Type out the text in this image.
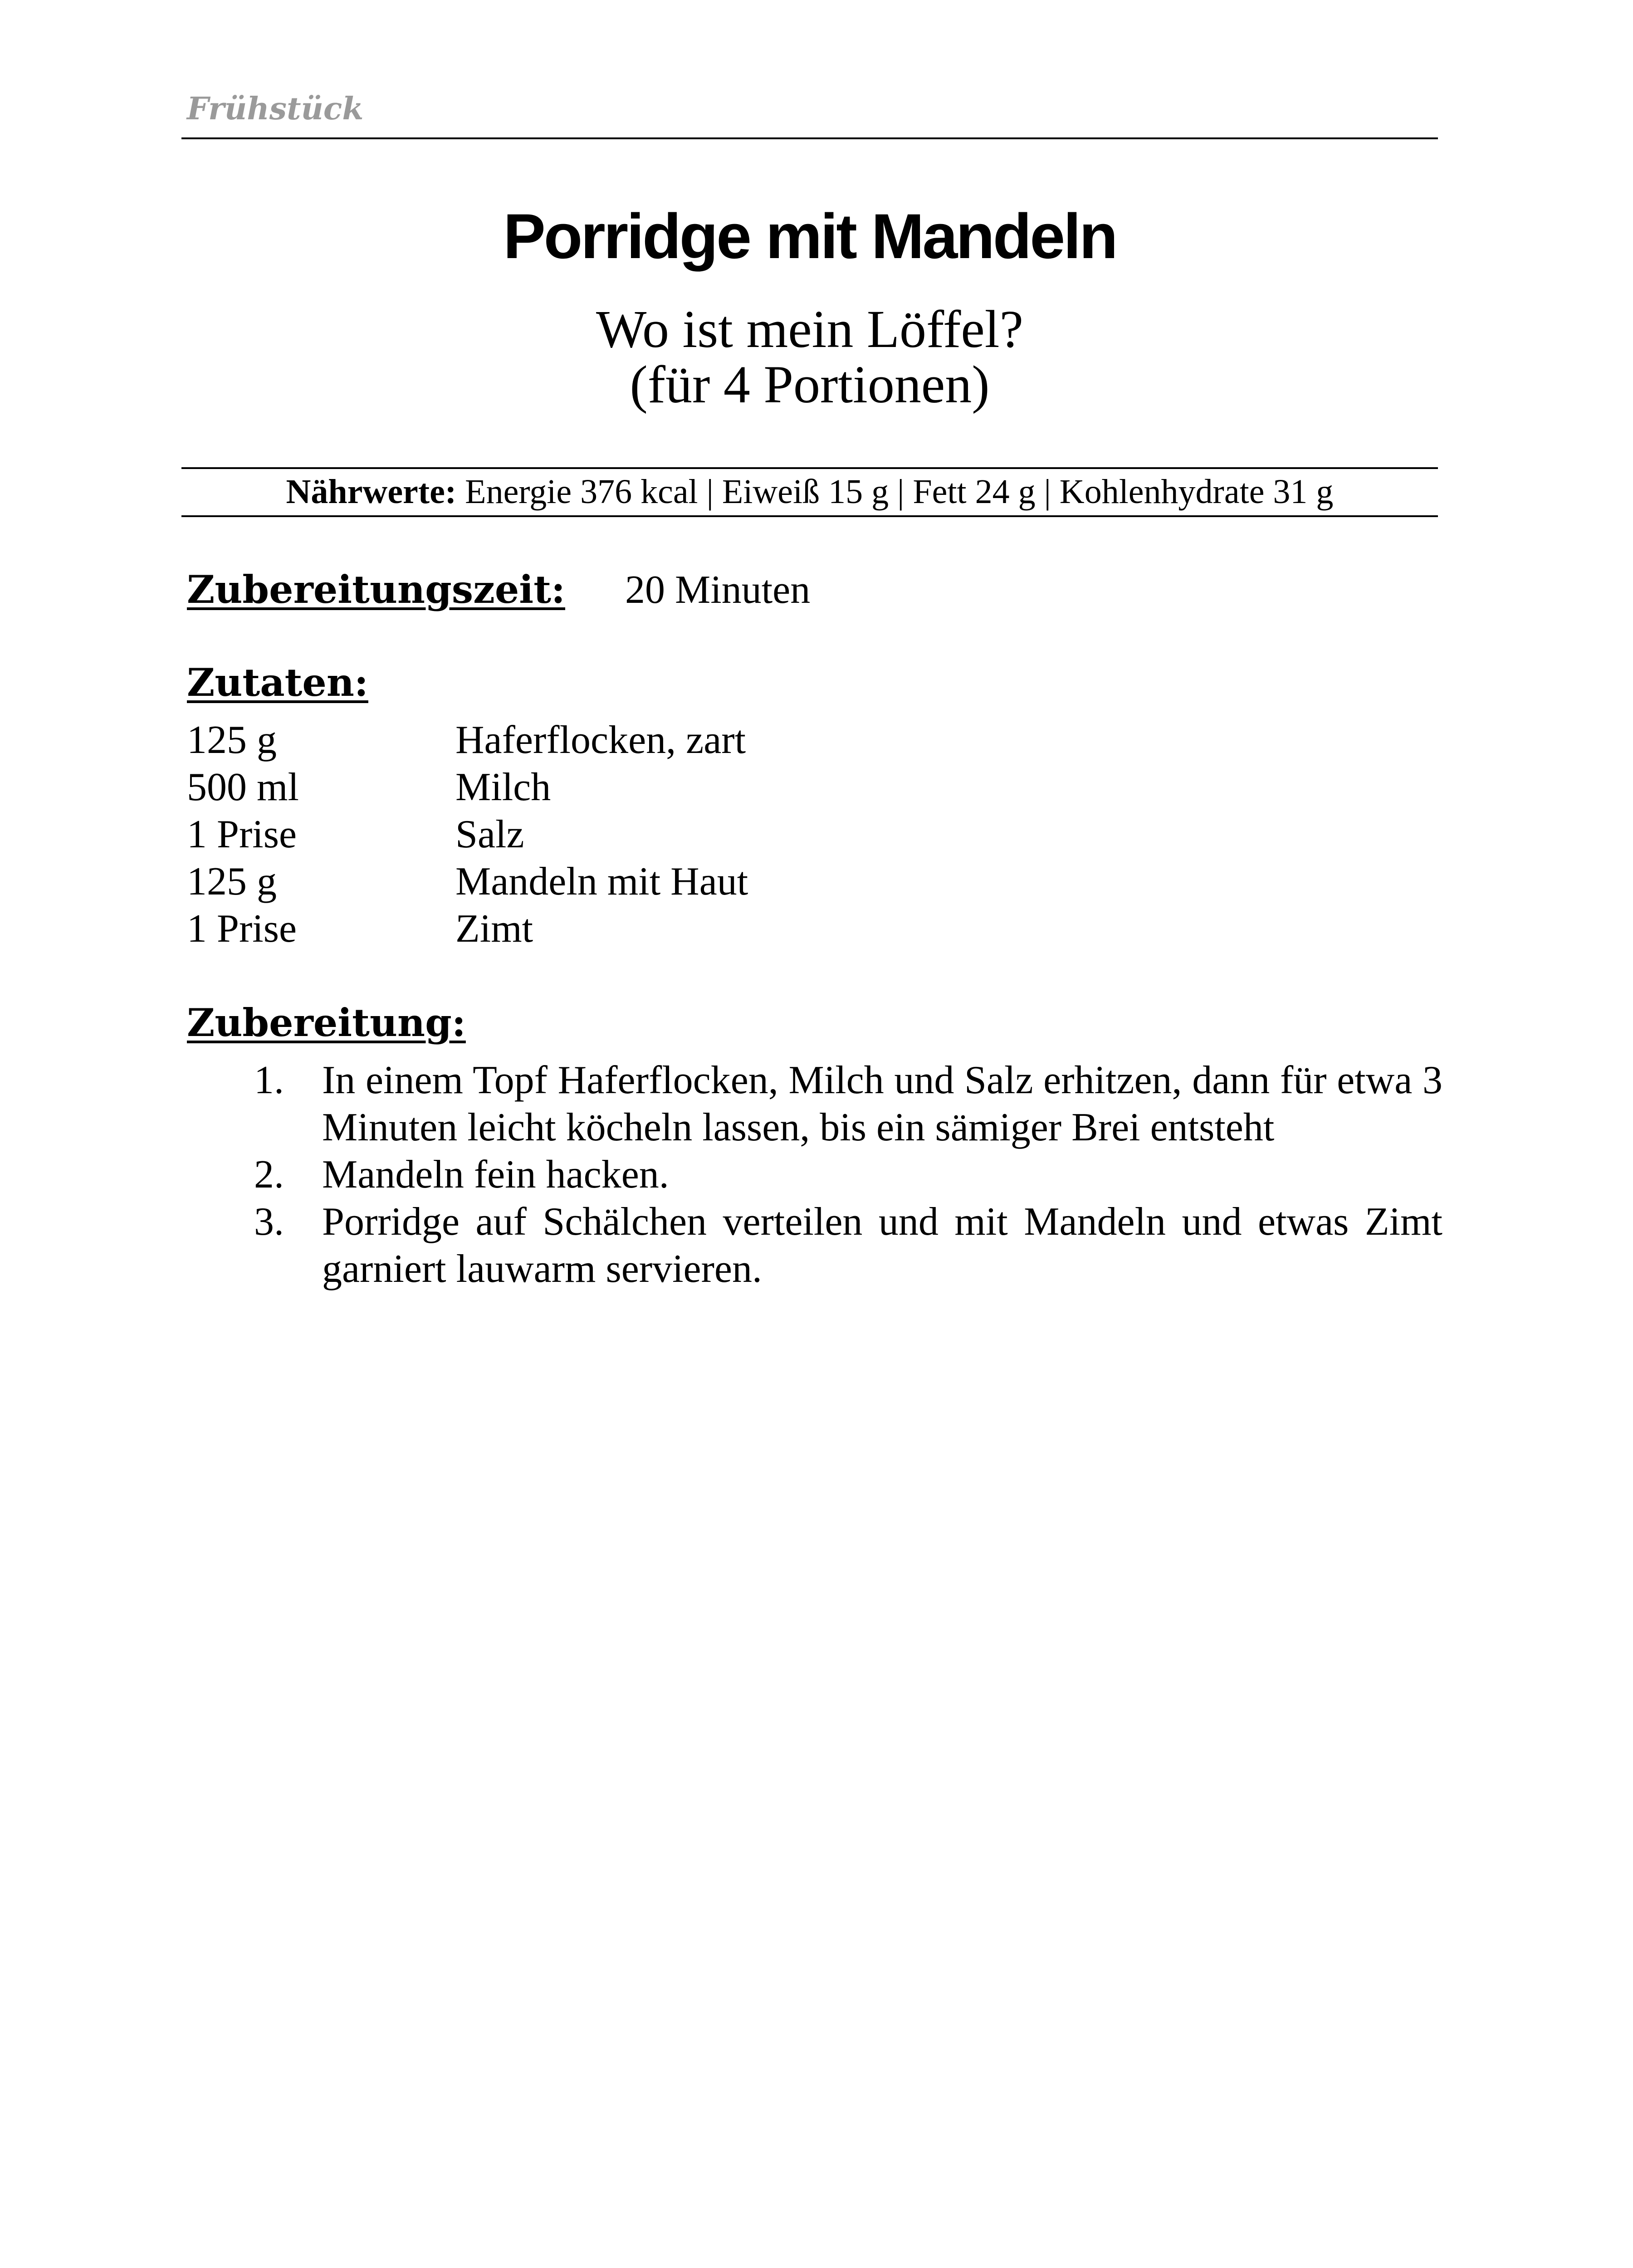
Frühstück
Porridge mit Mandeln
Wo ist mein Löffel?
(für 4 Portionen)
Nährwerte: Energie 376 kcal | Eiweiß 15 g | Fett 24 g | Kohlenhydrate 31 g
Zubereitungszeit: 20 Minuten
Zutaten:
125 g	Haferflocken, zart
500 ml	Milch
1 Prise	Salz
125 g	Mandeln mit Haut
1 Prise	Zimt
Zubereitung:
1. In einem Topf Haferflocken, Milch und Salz erhitzen, dann für etwa 3 Minuten leicht köcheln lassen, bis ein sämiger Brei entsteht
2. Mandeln fein hacken.
3. Porridge auf Schälchen verteilen und mit Mandeln und etwas Zimt garniert lauwarm servieren.
